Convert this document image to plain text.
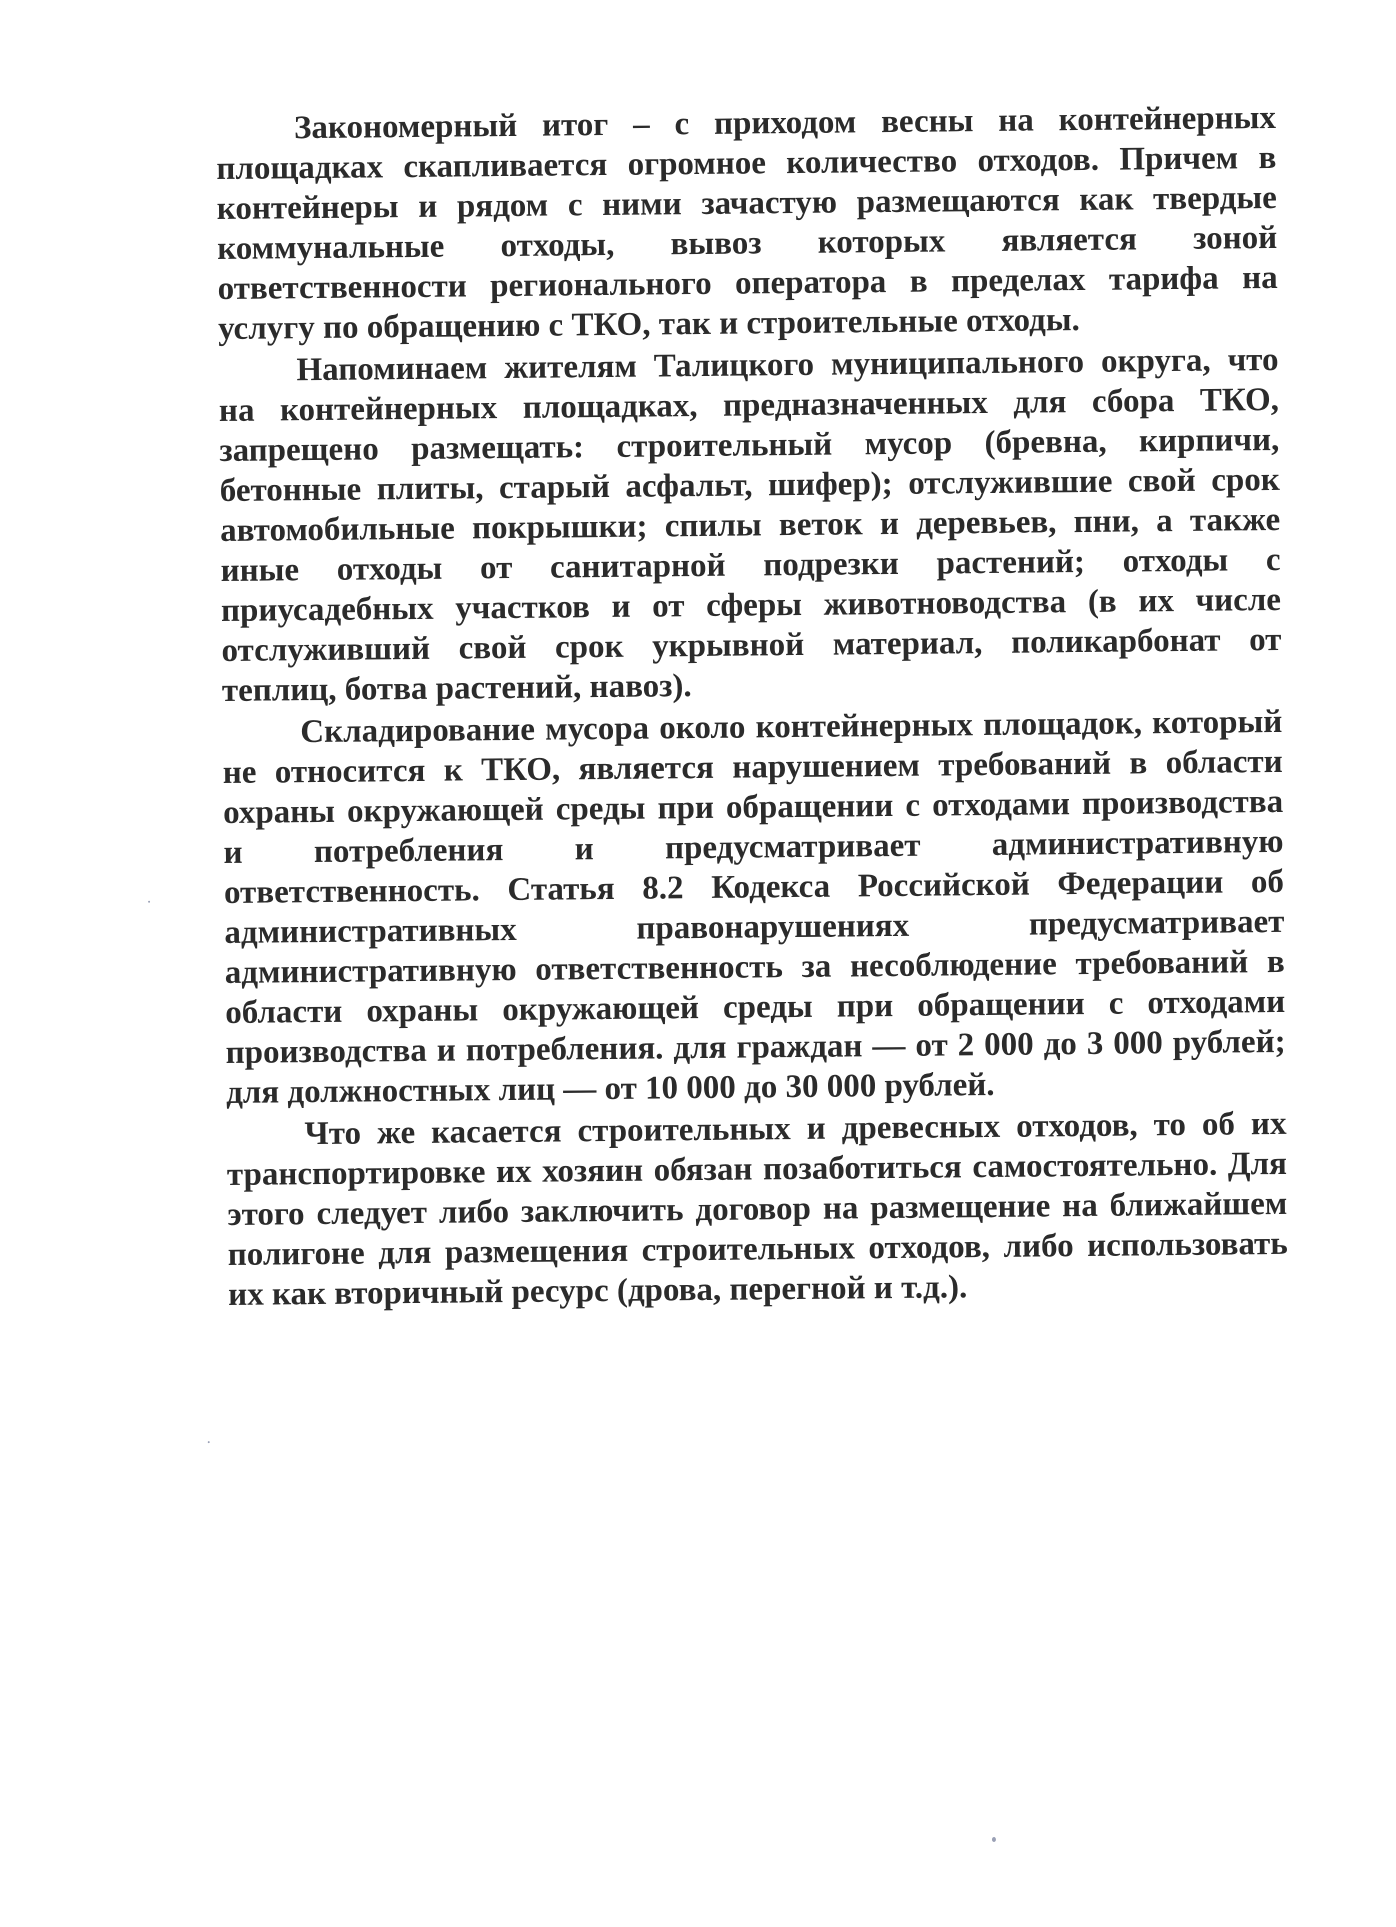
Закономерный итог – с приходом весны на контейнерных площадках скапливается огромное количество отходов. Причем в контейнеры и рядом с ними зачастую размещаются как твердые коммунальные отходы, вывоз которых является зоной ответственности регионального оператора в пределах тарифа на услугу по обращению с ТКО, так и строительные отходы.

Напоминаем жителям Талицкого муниципального округа, что на контейнерных площадках, предназначенных для сбора ТКО, запрещено размещать: строительный мусор (бревна, кирпичи, бетонные плиты, старый асфальт, шифер); отслужившие свой срок автомобильные покрышки; спилы веток и деревьев, пни, а также иные отходы от санитарной подрезки растений; отходы с приусадебных участков и от сферы животноводства (в их числе отслуживший свой срок укрывной материал, поликарбонат от теплиц, ботва растений, навоз).

Складирование мусора около контейнерных площадок, который не относится к ТКО, является нарушением требований в области охраны окружающей среды при обращении с отходами производства и потребления и предусматривает административную ответственность. Статья 8.2 Кодекса Российской Федерации об административных правонарушениях предусматривает административную ответственность за несоблюдение требований в области охраны окружающей среды при обращении с отходами производства и потребления. для граждан — от 2 000 до 3 000 рублей; для должностных лиц — от 10 000 до 30 000 рублей.

Что же касается строительных и древесных отходов, то об их транспортировке их хозяин обязан позаботиться самостоятельно. Для этого следует либо заключить договор на размещение на ближайшем полигоне для размещения строительных отходов, либо использовать их как вторичный ресурс (дрова, перегной и т.д.).
